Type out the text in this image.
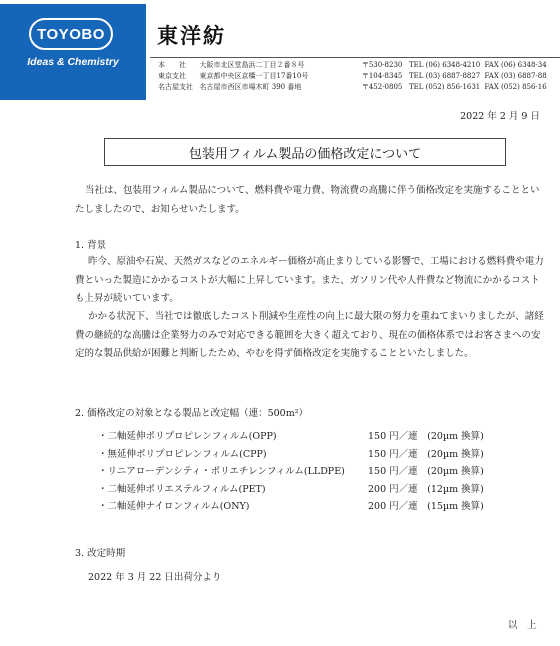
TOYOBO
Ideas & Chemistry
東洋紡
本　　社	大阪市北区堂島浜二丁目２番８号	〒530-8230 TEL (06) 6348-4210 FAX (06) 6348-34
東京支社	東京都中央区京橋一丁目17番10号	〒104-8345 TEL (03) 6887-8827 FAX (03) 6887-88
名古屋支社 名古屋市西区市場木町 390 番地	〒452-0805 TEL (052) 856-1631 FAX (052) 856-16
2022 年 2 月 9 日
包装用フィルム製品の価格改定について
当社は、包装用フィルム製品について、燃料費や電力費、物流費の高騰に伴う価格改定を実施することといたしましたので、お知らせいたします。
1. 背景
昨今、原油や石炭、天然ガスなどのエネルギー価格が高止まりしている影響で、工場における燃料費や電力費といった製造にかかるコストが大幅に上昇しています。また、ガソリン代や人件費など物流にかかるコストも上昇が続いています。
かかる状況下、当社では徹底したコスト削減や生産性の向上に最大限の努力を重ねてまいりましたが、諸経費の継続的な高騰は企業努力のみで対応できる範囲を大きく超えており、現在の価格体系ではお客さまへの安定的な製品供給が困難と判断したため、やむを得ず価格改定を実施することといたしました。
2. 価格改定の対象となる製品と改定幅（連：500m²）
・二軸延伸ポリプロピレンフィルム(OPP)	150 円／連　(20µm 換算)
・無延伸ポリプロピレンフィルム(CPP)	150 円／連　(20µm 換算)
・リニアローデンシティ・ポリエチレンフィルム(LLDPE)	150 円／連　(20µm 換算)
・二軸延伸ポリエステルフィルム(PET)	200 円／連　(12µm 換算)
・二軸延伸ナイロンフィルム(ONY)	200 円／連　(15µm 換算)
3. 改定時期
2022 年 3 月 22 日出荷分より
以　上
